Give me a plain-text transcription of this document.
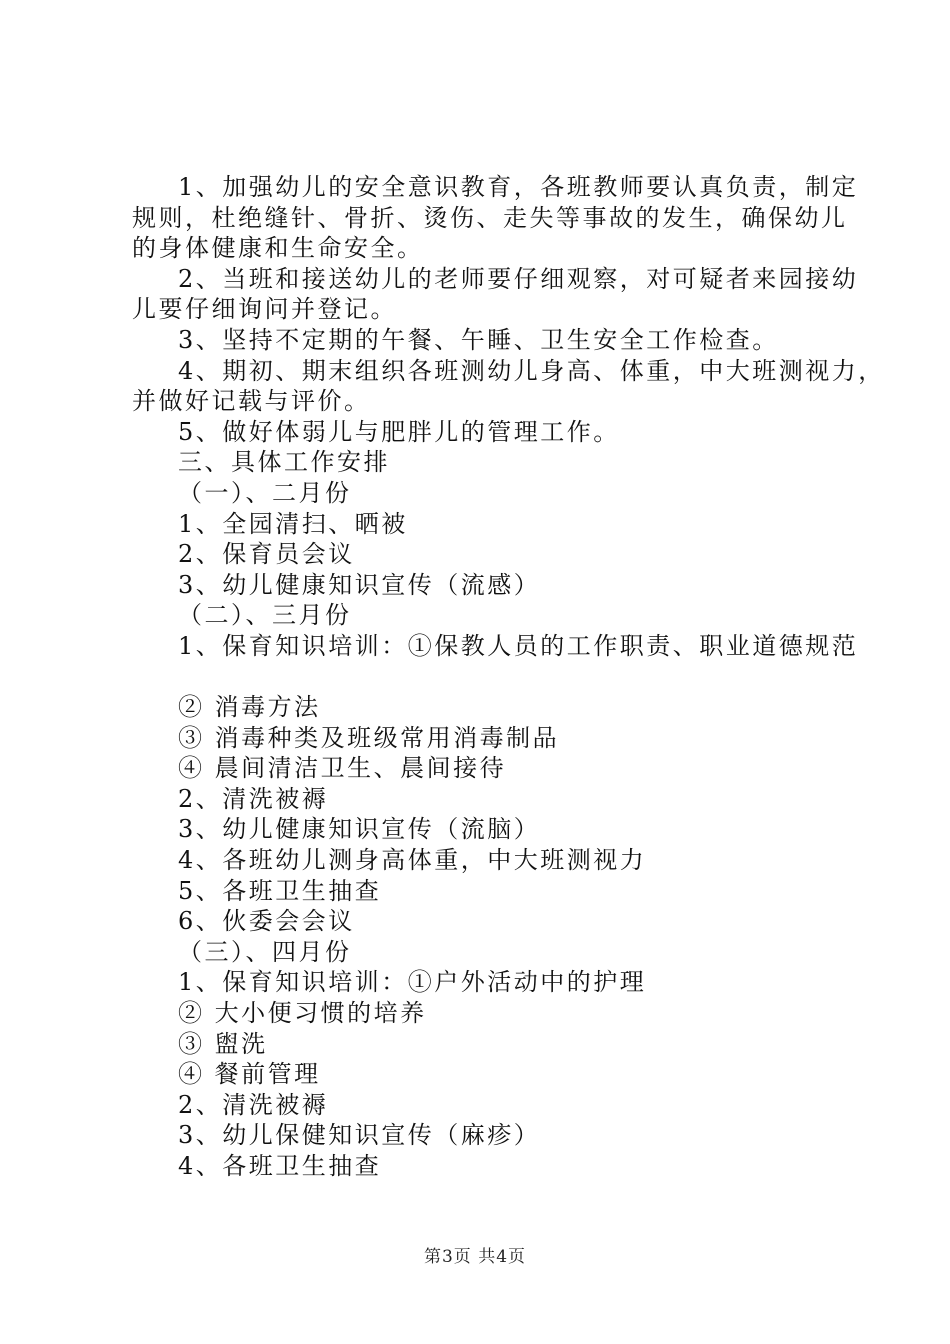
1、加强幼儿的安全意识教育，各班教师要认真负责，制定
规则，杜绝缝针、骨折、烫伤、走失等事故的发生，确保幼儿
的身体健康和生命安全。
2、当班和接送幼儿的老师要仔细观察，对可疑者来园接幼
儿要仔细询问并登记。
3、坚持不定期的午餐、午睡、卫生安全工作检查。
4、期初、期末组织各班测幼儿身高、体重，中大班测视力，
并做好记载与评价。
5、做好体弱儿与肥胖儿的管理工作。
三、具体工作安排
（一）、二月份
1、全园清扫、晒被
2、保育员会议
3、幼儿健康知识宣传（流感）
（二）、三月份
1、保育知识培训：①保教人员的工作职责、职业道德规范
② 消毒方法
③ 消毒种类及班级常用消毒制品
④ 晨间清洁卫生、晨间接待
2、清洗被褥
3、幼儿健康知识宣传（流脑）
4、各班幼儿测身高体重，中大班测视力
5、各班卫生抽查
6、伙委会会议
（三）、四月份
1、保育知识培训：①户外活动中的护理
② 大小便习惯的培养
③ 盥洗
④ 餐前管理
2、清洗被褥
3、幼儿保健知识宣传（麻疹）
4、各班卫生抽查
第3页 共4页
